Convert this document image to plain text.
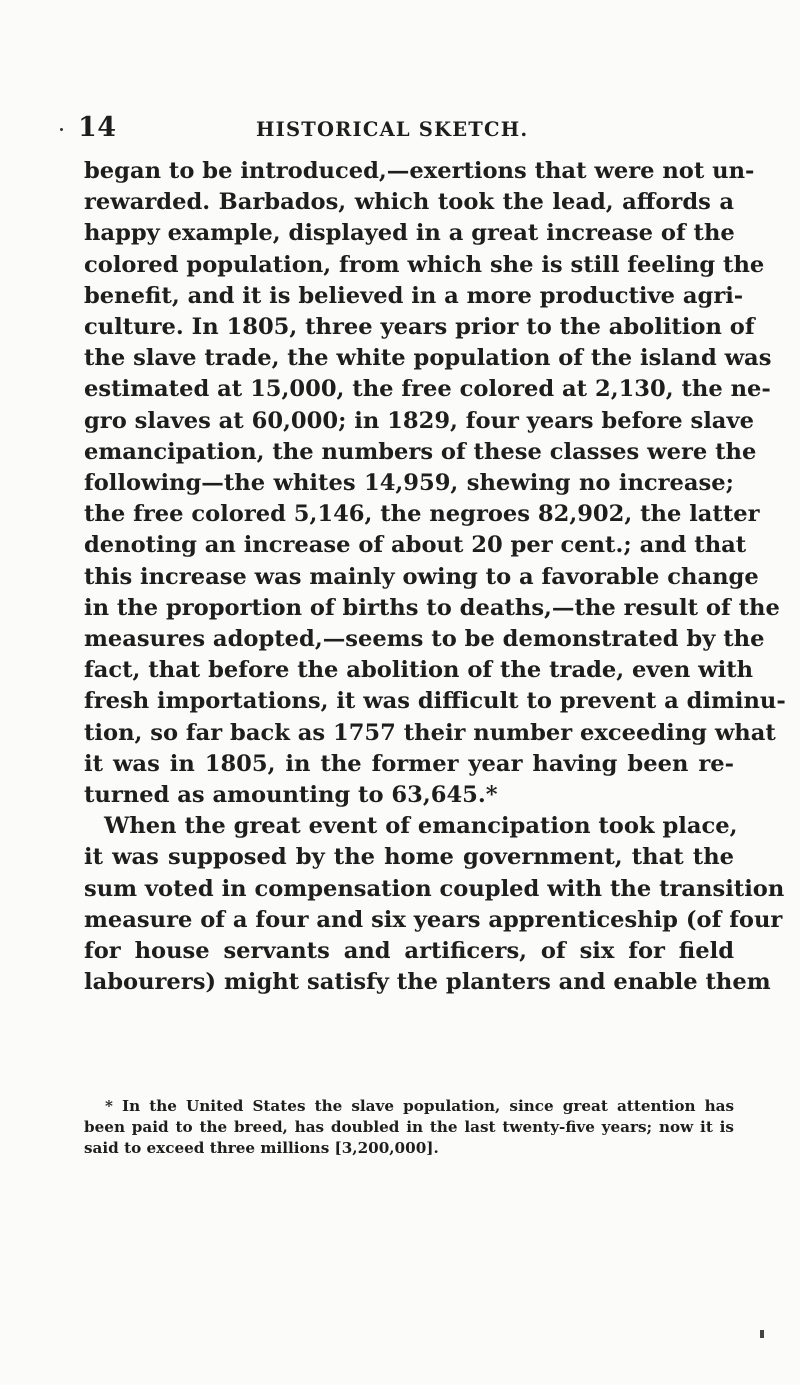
14	HISTORICAL SKETCH.
began to be introduced,—exertions that were not un-
rewarded. Barbados, which took the lead, affords a
happy example, displayed in a great increase of the
colored population, from which she is still feeling the
benefit, and it is believed in a more productive agri-
culture. In 1805, three years prior to the abolition of
the slave trade, the white population of the island was
estimated at 15,000, the free colored at 2,130, the ne-
gro slaves at 60,000; in 1829, four years before slave
emancipation, the numbers of these classes were the
following—the whites 14,959, shewing no increase;
the free colored 5,146, the negroes 82,902, the latter
denoting an increase of about 20 per cent.; and that
this increase was mainly owing to a favorable change
in the proportion of births to deaths,—the result of the
measures adopted,—seems to be demonstrated by the
fact, that before the abolition of the trade, even with
fresh importations, it was difficult to prevent a diminu-
tion, so far back as 1757 their number exceeding what
it was in 1805, in the former year having been re-
turned as amounting to 63,645.*
When the great event of emancipation took place,
it was supposed by the home government, that the
sum voted in compensation coupled with the transition
measure of a four and six years apprenticeship (of four
for house servants and artificers, of six for field
labourers) might satisfy the planters and enable them
* In the United States the slave population, since great attention has
been paid to the breed, has doubled in the last twenty-five years; now it is
said to exceed three millions [3,200,000].
